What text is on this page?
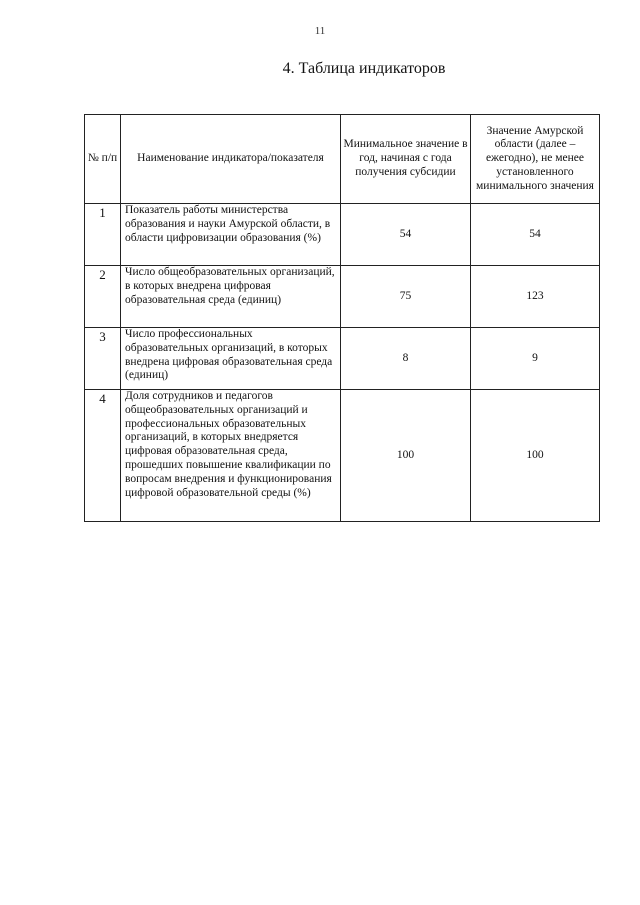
11
4. Таблица индикаторов
№ п/п	Наименование индикатора/показателя	Минимальное значение в год, начиная с года получения субсидии	Значение Амурской области (далее – ежегодно), не менее установленного минимального значения
1	Показатель работы министерства образования и науки Амурской области, в области цифровизации образования (%)	54	54
2	Число общеобразовательных организаций, в которых внедрена цифровая образовательная среда (единиц)	75	123
3	Число профессиональных образовательных организаций, в которых внедрена цифровая образовательная среда (единиц)	8	9
4	Доля сотрудников и педагогов общеобразовательных организаций и профессиональных образовательных организаций, в которых внедряется цифровая образовательная среда, прошедших повышение квалификации по вопросам внедрения и функционирования цифровой образовательной среды (%)	100	100
